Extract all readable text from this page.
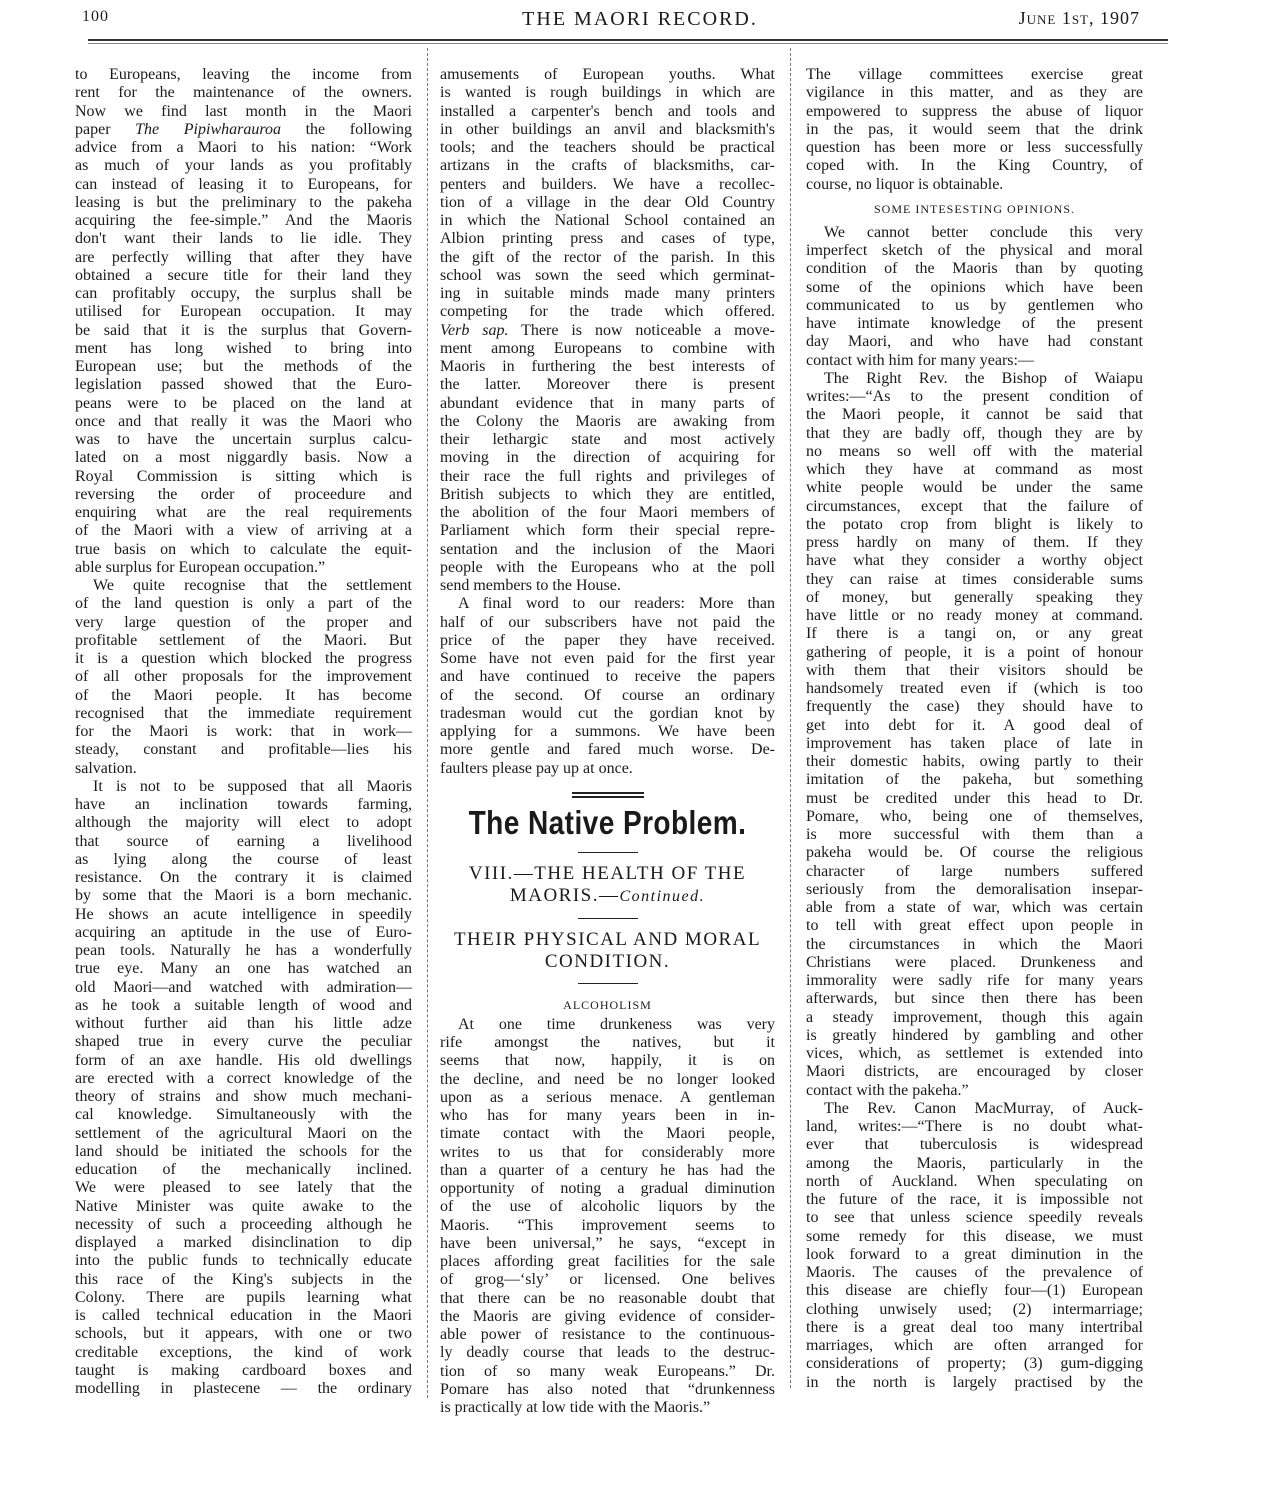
100	THE MAORI RECORD.	June 1st, 1907
to Europeans, leaving the income from
rent for the maintenance of the owners.
Now we find last month in the Maori
paper The Pipiwharauroa the following
advice from a Maori to his nation: “Work
as much of your lands as you profitably
can instead of leasing it to Europeans, for
leasing is but the preliminary to the pakeha
acquiring the fee-simple.” And the Maoris
don't want their lands to lie idle. They
are perfectly willing that after they have
obtained a secure title for their land they
can profitably occupy, the surplus shall be
utilised for European occupation. It may
be said that it is the surplus that Govern-
ment has long wished to bring into
European use; but the methods of the
legislation passed showed that the Euro-
peans were to be placed on the land at
once and that really it was the Maori who
was to have the uncertain surplus calcu-
lated on a most niggardly basis. Now a
Royal Commission is sitting which is
reversing the order of proceedure and
enquiring what are the real requirements
of the Maori with a view of arriving at a
true basis on which to calculate the equit-
able surplus for European occupation.”
We quite recognise that the settlement
of the land question is only a part of the
very large question of the proper and
profitable settlement of the Maori. But
it is a question which blocked the progress
of all other proposals for the improvement
of the Maori people. It has become
recognised that the immediate requirement
for the Maori is work: that in work—
steady, constant and profitable—lies his
salvation.
It is not to be supposed that all Maoris
have an inclination towards farming,
although the majority will elect to adopt
that source of earning a livelihood
as lying along the course of least
resistance. On the contrary it is claimed
by some that the Maori is a born mechanic.
He shows an acute intelligence in speedily
acquiring an aptitude in the use of Euro-
pean tools. Naturally he has a wonderfully
true eye. Many an one has watched an
old Maori—and watched with admiration—
as he took a suitable length of wood and
without further aid than his little adze
shaped true in every curve the peculiar
form of an axe handle. His old dwellings
are erected with a correct knowledge of the
theory of strains and show much mechani-
cal knowledge. Simultaneously with the
settlement of the agricultural Maori on the
land should be initiated the schools for the
education of the mechanically inclined.
We were pleased to see lately that the
Native Minister was quite awake to the
necessity of such a proceeding although he
displayed a marked disinclination to dip
into the public funds to technically educate
this race of the King's subjects in the
Colony. There are pupils learning what
is called technical education in the Maori
schools, but it appears, with one or two
creditable exceptions, the kind of work
taught is making cardboard boxes and
modelling in plastecene — the ordinary
amusements of European youths. What
is wanted is rough buildings in which are
installed a carpenter's bench and tools and
in other buildings an anvil and blacksmith's
tools; and the teachers should be practical
artizans in the crafts of blacksmiths, car-
penters and builders. We have a recollec-
tion of a village in the dear Old Country
in which the National School contained an
Albion printing press and cases of type,
the gift of the rector of the parish. In this
school was sown the seed which germinat-
ing in suitable minds made many printers
competing for the trade which offered.
Verb sap. There is now noticeable a move-
ment among Europeans to combine with
Maoris in furthering the best interests of
the latter. Moreover there is present
abundant evidence that in many parts of
the Colony the Maoris are awaking from
their lethargic state and most actively
moving in the direction of acquiring for
their race the full rights and privileges of
British subjects to which they are entitled,
the abolition of the four Maori members of
Parliament which form their special repre-
sentation and the inclusion of the Maori
people with the Europeans who at the poll
send members to the House.
A final word to our readers: More than
half of our subscribers have not paid the
price of the paper they have received.
Some have not even paid for the first year
and have continued to receive the papers
of the second. Of course an ordinary
tradesman would cut the gordian knot by
applying for a summons. We have been
more gentle and fared much worse. De-
faulters please pay up at once.
The Native Problem.
VIII.—THE HEALTH OF THE
MAORIS.—Continued.
THEIR PHYSICAL AND MORAL
CONDITION.
ALCOHOLISM
At one time drunkeness was very
rife amongst the natives, but it
seems that now, happily, it is on
the decline, and need be no longer looked
upon as a serious menace. A gentleman
who has for many years been in in-
timate contact with the Maori people,
writes to us that for considerably more
than a quarter of a century he has had the
opportunity of noting a gradual diminution
of the use of alcoholic liquors by the
Maoris. “This improvement seems to
have been universal,” he says, “except in
places affording great facilities for the sale
of grog—‘sly’ or licensed. One belives
that there can be no reasonable doubt that
the Maoris are giving evidence of consider-
able power of resistance to the continuous-
ly deadly course that leads to the destruc-
tion of so many weak Europeans.” Dr.
Pomare has also noted that “drunkenness
is practically at low tide with the Maoris.”
The village committees exercise great
vigilance in this matter, and as they are
empowered to suppress the abuse of liquor
in the pas, it would seem that the drink
question has been more or less successfully
coped with. In the King Country, of
course, no liquor is obtainable.
SOME INTESESTING OPINIONS.
We cannot better conclude this very
imperfect sketch of the physical and moral
condition of the Maoris than by quoting
some of the opinions which have been
communicated to us by gentlemen who
have intimate knowledge of the present
day Maori, and who have had constant
contact with him for many years:—
The Right Rev. the Bishop of Waiapu
writes:—“As to the present condition of
the Maori people, it cannot be said that
that they are badly off, though they are by
no means so well off with the material
which they have at command as most
white people would be under the same
circumstances, except that the failure of
the potato crop from blight is likely to
press hardly on many of them. If they
have what they consider a worthy object
they can raise at times considerable sums
of money, but generally speaking they
have little or no ready money at command.
If there is a tangi on, or any great
gathering of people, it is a point of honour
with them that their visitors should be
handsomely treated even if (which is too
frequently the case) they should have to
get into debt for it. A good deal of
improvement has taken place of late in
their domestic habits, owing partly to their
imitation of the pakeha, but something
must be credited under this head to Dr.
Pomare, who, being one of themselves,
is more successful with them than a
pakeha would be. Of course the religious
character of large numbers suffered
seriously from the demoralisation insepar-
able from a state of war, which was certain
to tell with great effect upon people in
the circumstances in which the Maori
Christians were placed. Drunkeness and
immorality were sadly rife for many years
afterwards, but since then there has been
a steady improvement, though this again
is greatly hindered by gambling and other
vices, which, as settlemet is extended into
Maori districts, are encouraged by closer
contact with the pakeha.”
The Rev. Canon MacMurray, of Auck-
land, writes:—“There is no doubt what-
ever that tuberculosis is widespread
among the Maoris, particularly in the
north of Auckland. When speculating on
the future of the race, it is impossible not
to see that unless science speedily reveals
some remedy for this disease, we must
look forward to a great diminution in the
Maoris. The causes of the prevalence of
this disease are chiefly four—(1) European
clothing unwisely used; (2) intermarriage;
there is a great deal too many intertribal
marriages, which are often arranged for
considerations of property; (3) gum-digging
in the north is largely practised by the
